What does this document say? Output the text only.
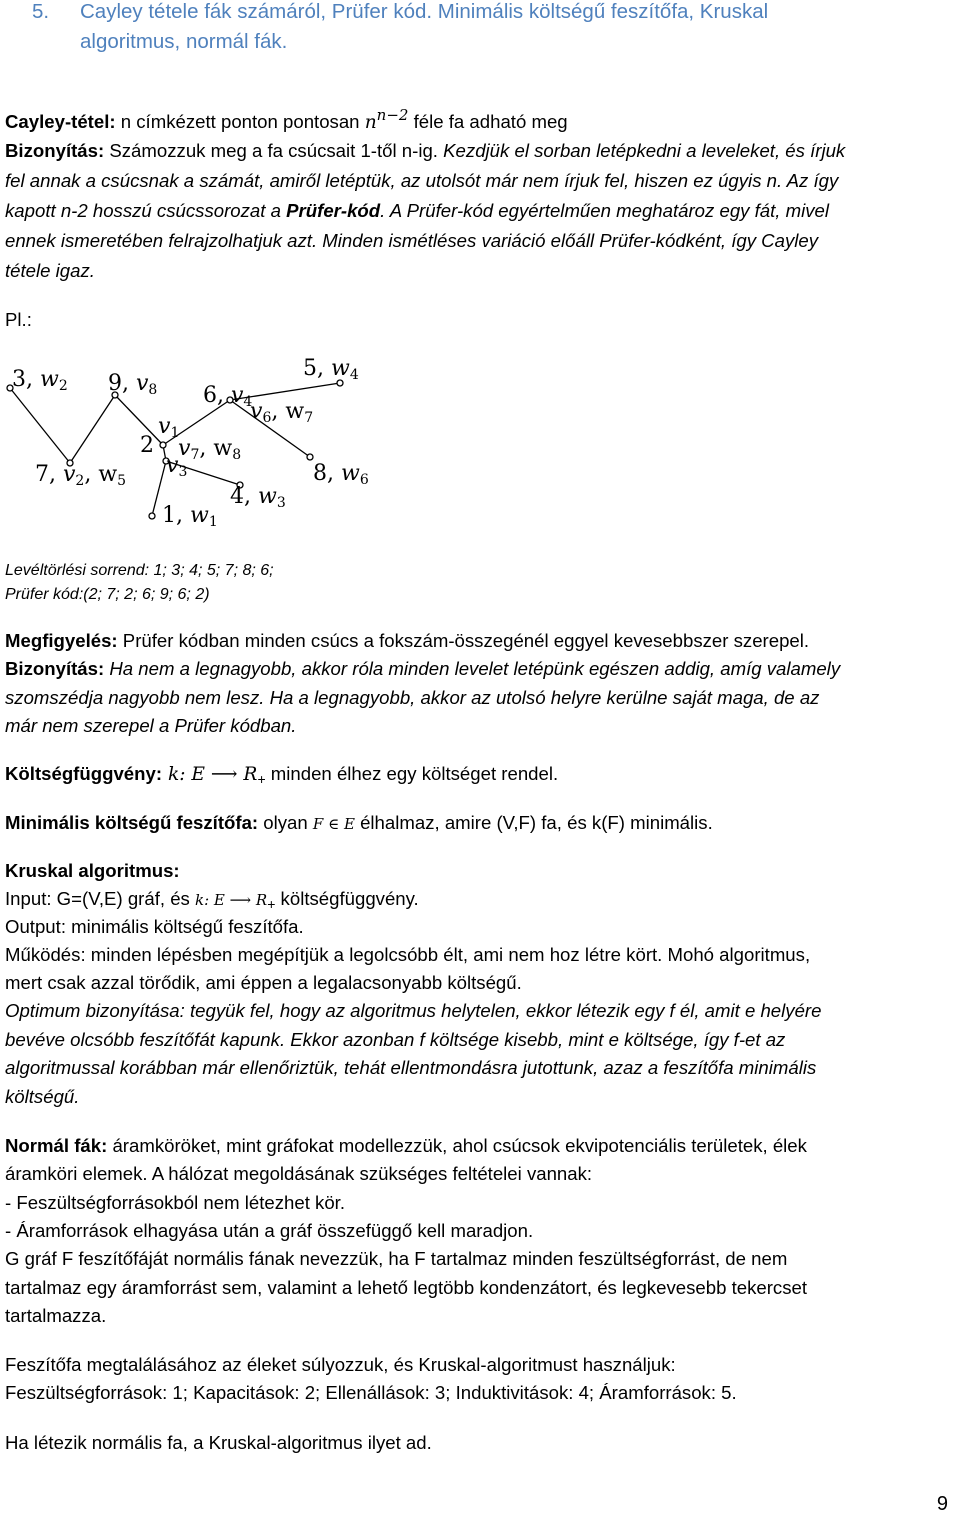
5. Cayley tétele fák számáról, Prüfer kód. Minimális költségű feszítőfa, Kruskal
algoritmus, normál fák.
Cayley-tétel: n címkézett ponton pontosan $n^{n-2}$ féle fa adható meg
Bizonyítás: Számozzuk meg a fa csúcsait 1-től n-ig. Kezdjük el sorban letépkedni a leveleket, és írjuk
fel annak a csúcsnak a számát, amiről letéptük, az utolsót már nem írjuk fel, hiszen ez úgyis n. Az így
kapott n-2 hosszú csúcssorozat a Prüfer-kód. A Prüfer-kód egyértelműen meghatároz egy fát, mivel
ennek ismeretében felrajzolhatjuk azt. Minden ismétléses variáció előáll Prüfer-kódként, így Cayley
tétele igaz.
Pl.:
3, w2 9, v8 6, v4
5, w4
v1
2 v7, w8
v3
v6, w7
7, v2, w5	8, w6
4, w3
1, w1
Levéltörlési sorrend: 1; 3; 4; 5; 7; 8; 6;
Prüfer kód:(2; 7; 2; 6; 9; 6; 2)
Megfigyelés: Prüfer kódban minden csúcs a fokszám-összegénél eggyel kevesebbszer szerepel.
Bizonyítás: Ha nem a legnagyobb, akkor róla minden levelet letépünk egészen addig, amíg valamely
szomszédja nagyobb nem lesz. Ha a legnagyobb, akkor az utolsó helyre kerülne saját maga, de az
már nem szerepel a Prüfer kódban.
Költségfüggvény: k: E ⟶ $R_+$ minden élhez egy költséget rendel.
Minimális költségű feszítőfa: olyan F ∈ E élhalmaz, amire (V,F) fa, és k(F) minimális.
Kruskal algoritmus:
Input: G=(V,E) gráf, és k: E ⟶ $R_+$ költségfüggvény.
Output: minimális költségű feszítőfa.
Működés: minden lépésben megépítjük a legolcsóbb élt, ami nem hoz létre kört. Mohó algoritmus,
mert csak azzal törődik, ami éppen a legalacsonyabb költségű.
Optimum bizonyítása: tegyük fel, hogy az algoritmus helytelen, ekkor létezik egy f él, amit e helyére
bevéve olcsóbb feszítőfát kapunk. Ekkor azonban f költsége kisebb, mint e költsége, így f-et az
algoritmussal korábban már ellenőriztük, tehát ellentmondásra jutottunk, azaz a feszítőfa minimális
költségű.
Normál fák: áramköröket, mint gráfokat modellezzük, ahol csúcsok ekvipotenciális területek, élek
áramköri elemek. A hálózat megoldásának szükséges feltételei vannak:
- Feszültségforrásokból nem létezhet kör.
- Áramforrások elhagyása után a gráf összefüggő kell maradjon.
G gráf F feszítőfáját normális fának nevezzük, ha F tartalmaz minden feszültségforrást, de nem
tartalmaz egy áramforrást sem, valamint a lehető legtöbb kondenzátort, és legkevesebb tekercset
tartalmazza.
Feszítőfa megtalálásához az éleket súlyozzuk, és Kruskal-algoritmust használjuk:
Feszültségforrások: 1; Kapacitások: 2; Ellenállások: 3; Induktivitások: 4; Áramforrások: 5.
Ha létezik normális fa, a Kruskal-algoritmus ilyet ad.
9
